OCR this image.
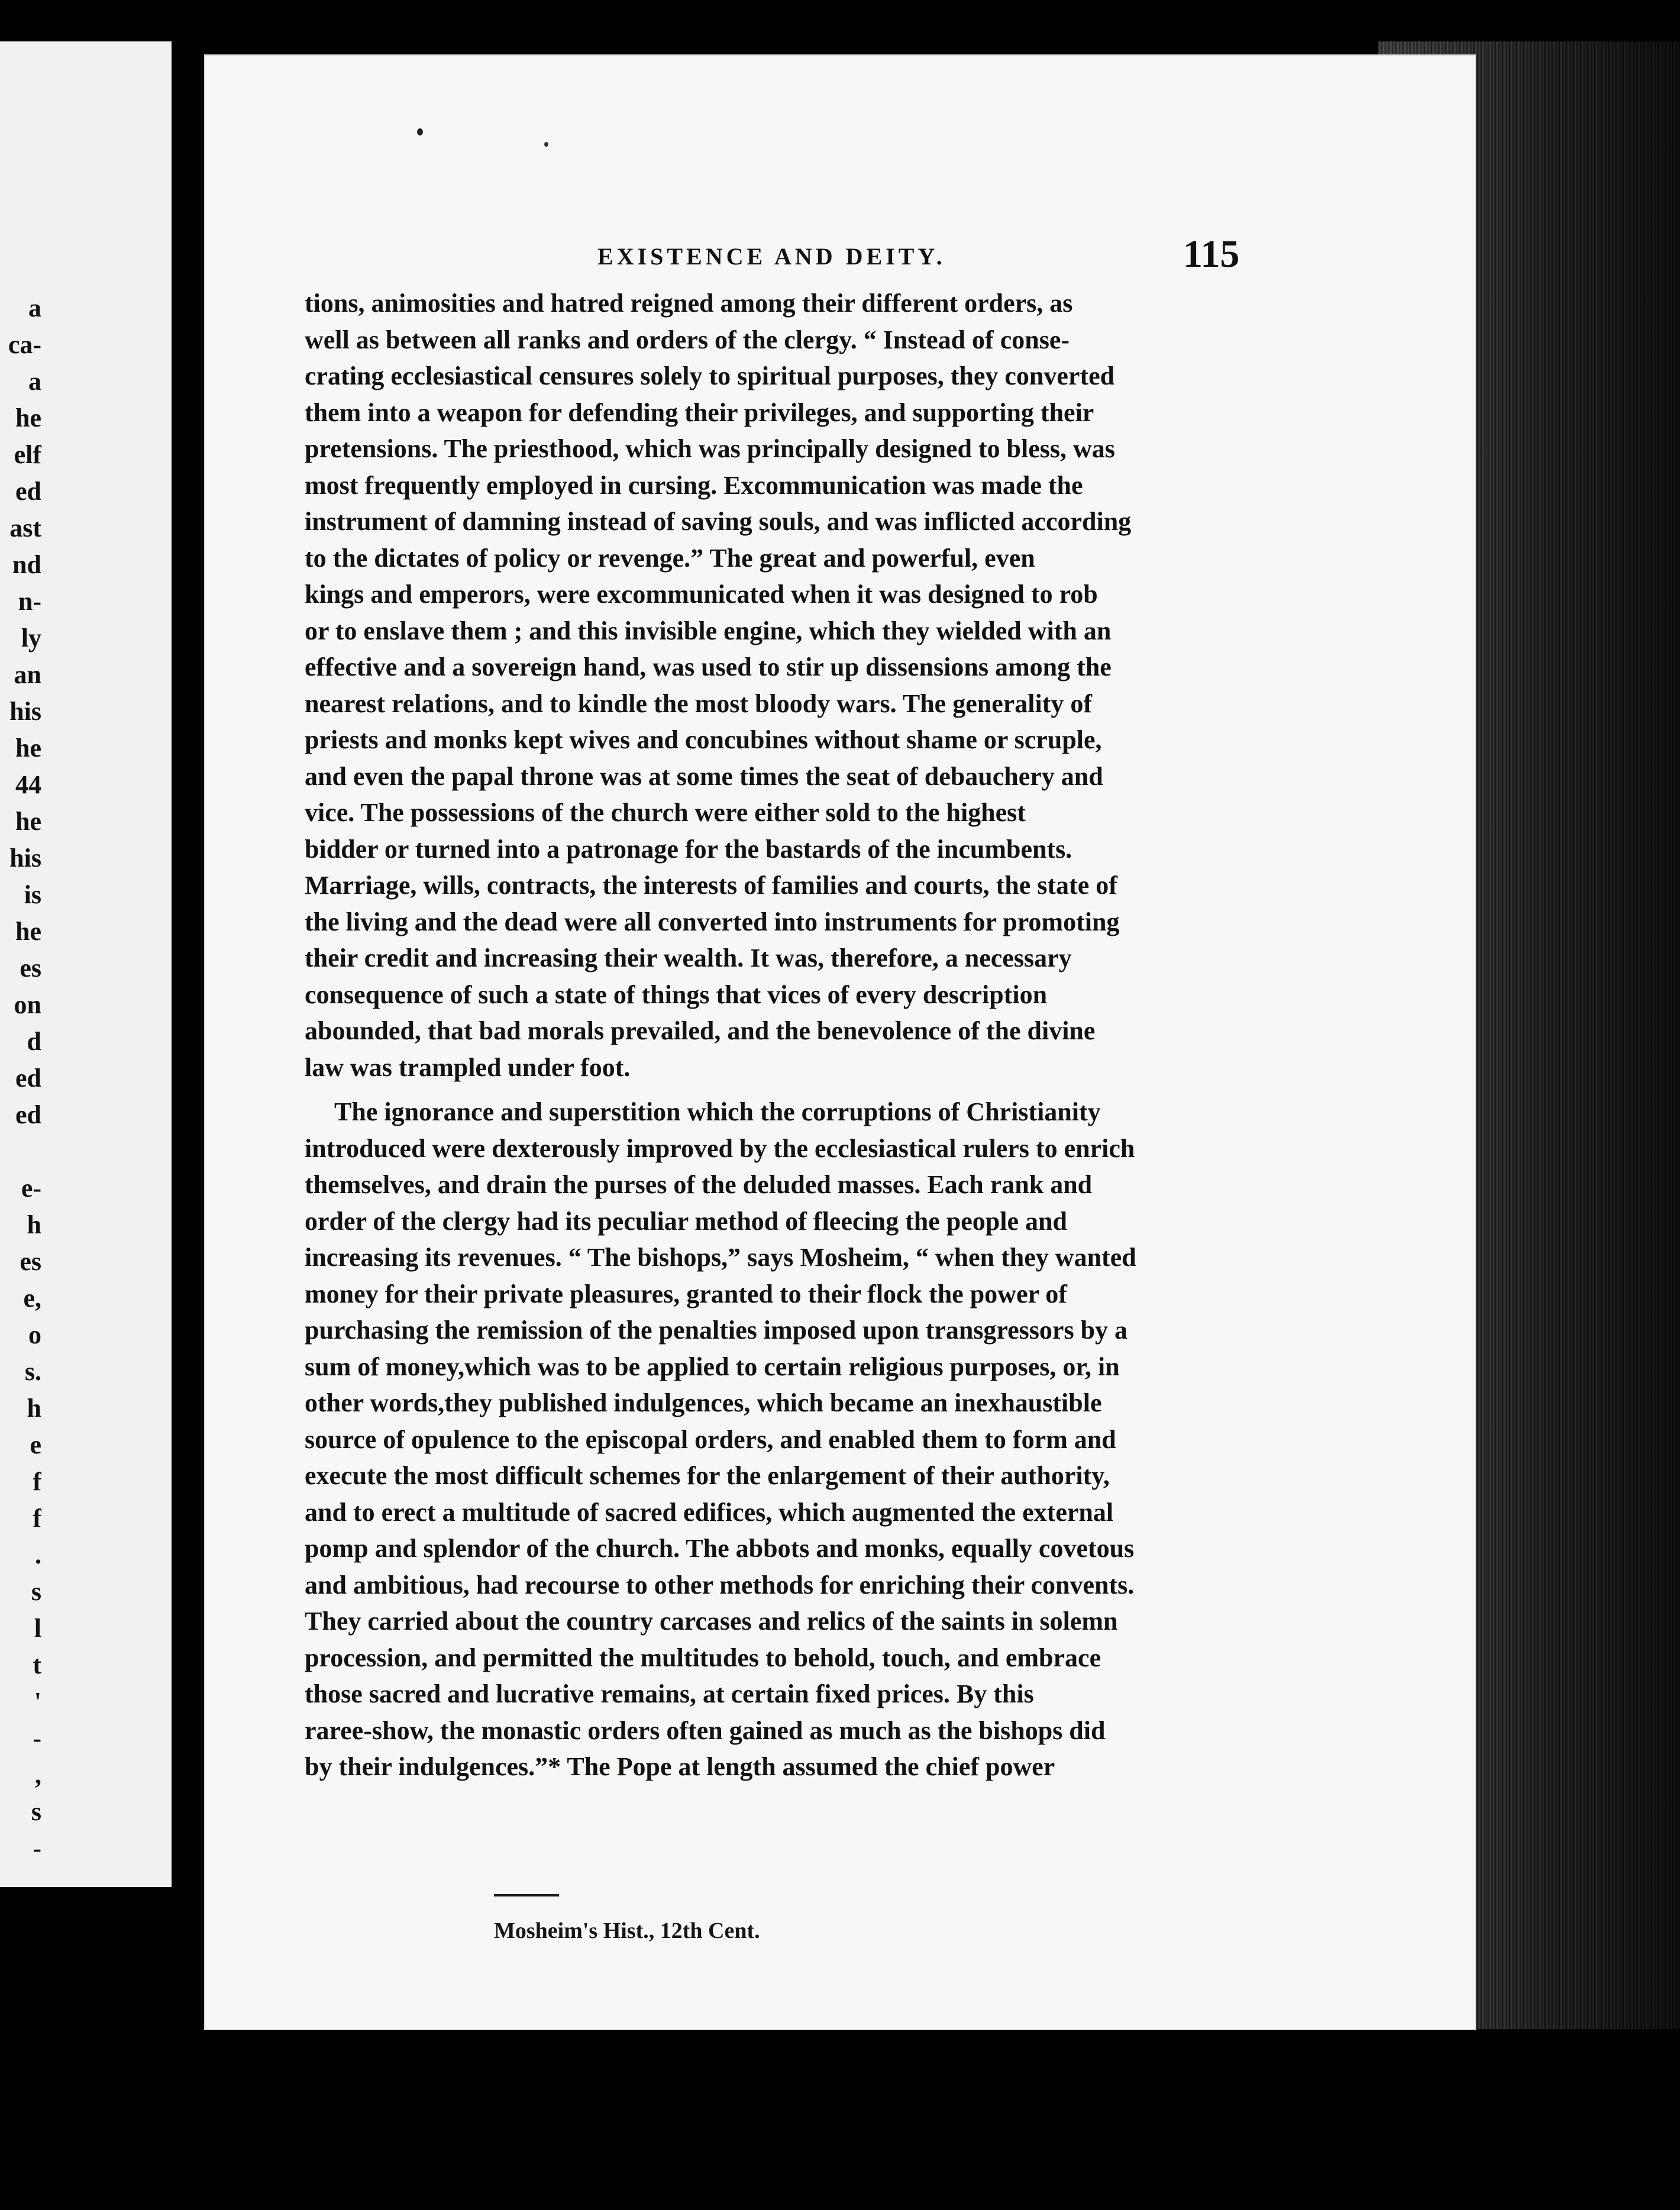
a
ca-
a
he
elf
ed
ast
nd
n-
ly
an
his
he
44
he
his
is
he
es
on
d
ed
ed
e-
h
es
e,
o
s.
h
e
f
f
.
s
l
t
'
-
,
s
-
EXISTENCE AND DEITY.	115
tions, animosities and hatred reigned among their different orders, as
well as between all ranks and orders of the clergy. “ Instead of conse-
crating ecclesiastical censures solely to spiritual purposes, they converted
them into a weapon for defending their privileges, and supporting their
pretensions. The priesthood, which was principally designed to bless, was
most frequently employed in cursing. Excommunication was made the
instrument of damning instead of saving souls, and was inflicted according
to the dictates of policy or revenge.” The great and powerful, even
kings and emperors, were excommunicated when it was designed to rob
or to enslave them ; and this invisible engine, which they wielded with an
effective and a sovereign hand, was used to stir up dissensions among the
nearest relations, and to kindle the most bloody wars. The generality of
priests and monks kept wives and concubines without shame or scruple,
and even the papal throne was at some times the seat of debauchery and
vice. The possessions of the church were either sold to the highest
bidder or turned into a patronage for the bastards of the incumbents.
Marriage, wills, contracts, the interests of families and courts, the state of
the living and the dead were all converted into instruments for promoting
their credit and increasing their wealth. It was, therefore, a necessary
consequence of such a state of things that vices of every description
abounded, that bad morals prevailed, and the benevolence of the divine
law was trampled under foot.
The ignorance and superstition which the corruptions of Christianity
introduced were dexterously improved by the ecclesiastical rulers to enrich
themselves, and drain the purses of the deluded masses. Each rank and
order of the clergy had its peculiar method of fleecing the people and
increasing its revenues. “ The bishops,” says Mosheim, “ when they wanted
money for their private pleasures, granted to their flock the power of
purchasing the remission of the penalties imposed upon transgressors by a
sum of money,which was to be applied to certain religious purposes, or, in
other words,they published indulgences, which became an inexhaustible
source of opulence to the episcopal orders, and enabled them to form and
execute the most difficult schemes for the enlargement of their authority,
and to erect a multitude of sacred edifices, which augmented the external
pomp and splendor of the church. The abbots and monks, equally covetous
and ambitious, had recourse to other methods for enriching their convents.
They carried about the country carcases and relics of the saints in solemn
procession, and permitted the multitudes to behold, touch, and embrace
those sacred and lucrative remains, at certain fixed prices. By this
raree-show, the monastic orders often gained as much as the bishops did
by their indulgences.”* The Pope at length assumed the chief power
Mosheim's Hist., 12th Cent.
